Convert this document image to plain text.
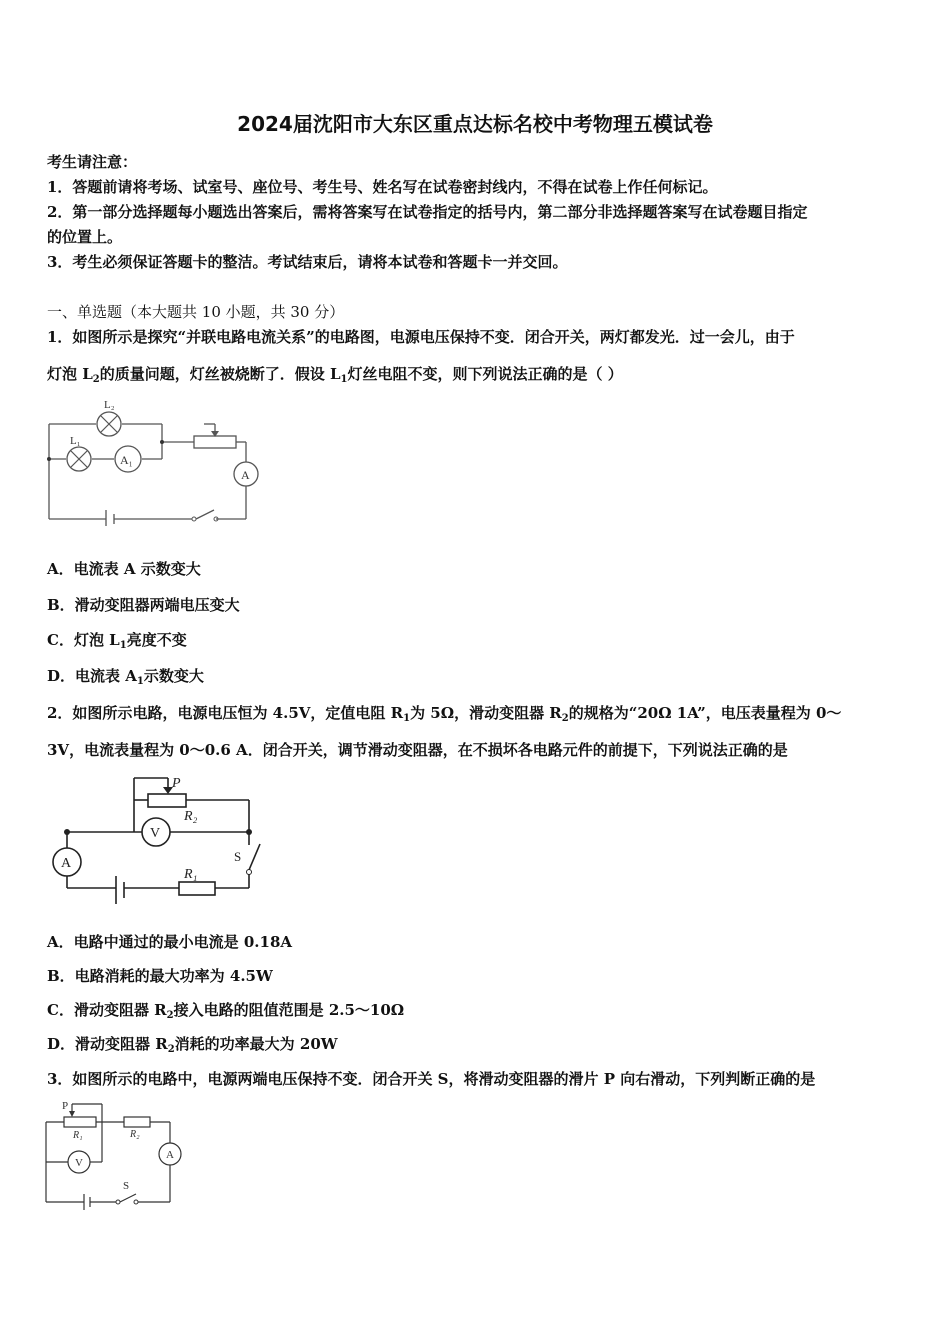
2024届沈阳市大东区重点达标名校中考物理五模试卷
考生请注意：
1．答题前请将考场、试室号、座位号、考生号、姓名写在试卷密封线内，不得在试卷上作任何标记。
2．第一部分选择题每小题选出答案后，需将答案写在试卷指定的括号内，第二部分非选择题答案写在试卷题目指定
的位置上。
3．考生必须保证答题卡的整洁。考试结束后，请将本试卷和答题卡一并交回。
一、单选题（本大题共 10 小题，共 30 分）
1．如图所示是探究“并联电路电流关系”的电路图，电源电压保持不变．闭合开关，两灯都发光．过一会儿，由于
灯泡 $L_2$的质量问题，灯丝被烧断了．假设 $L_1$灯丝电阻不变，则下列说法正确的是（ ）
L₂
L₁
A₁
A
A．电流表 A 示数变大
B．滑动变阻器两端电压变大
C．灯泡 $L_1$亮度不变
D．电流表 $A_1$示数变大
2．如图所示电路，电源电压恒为 4.5V，定值电阻 $R_1$为 5Ω，滑动变阻器 $R_2$的规格为“20Ω 1A”，电压表量程为 0～
3V，电流表量程为 0～0.6 A．闭合开关，调节滑动变阻器，在不损坏各电路元件的前提下，下列说法正确的是
P
R₂
V
A	S
R₁
A．电路中通过的最小电流是 0.18A
B．电路消耗的最大功率为 4.5W
C．滑动变阻器 $R_2$接入电路的阻值范围是 2.5～10Ω
D．滑动变阻器 $R_2$消耗的功率最大为 20W
3．如图所示的电路中，电源两端电压保持不变．闭合开关 S，将滑动变阻器的滑片 P 向右滑动，下列判断正确的是
P
R₁	R₂
V
A
S
